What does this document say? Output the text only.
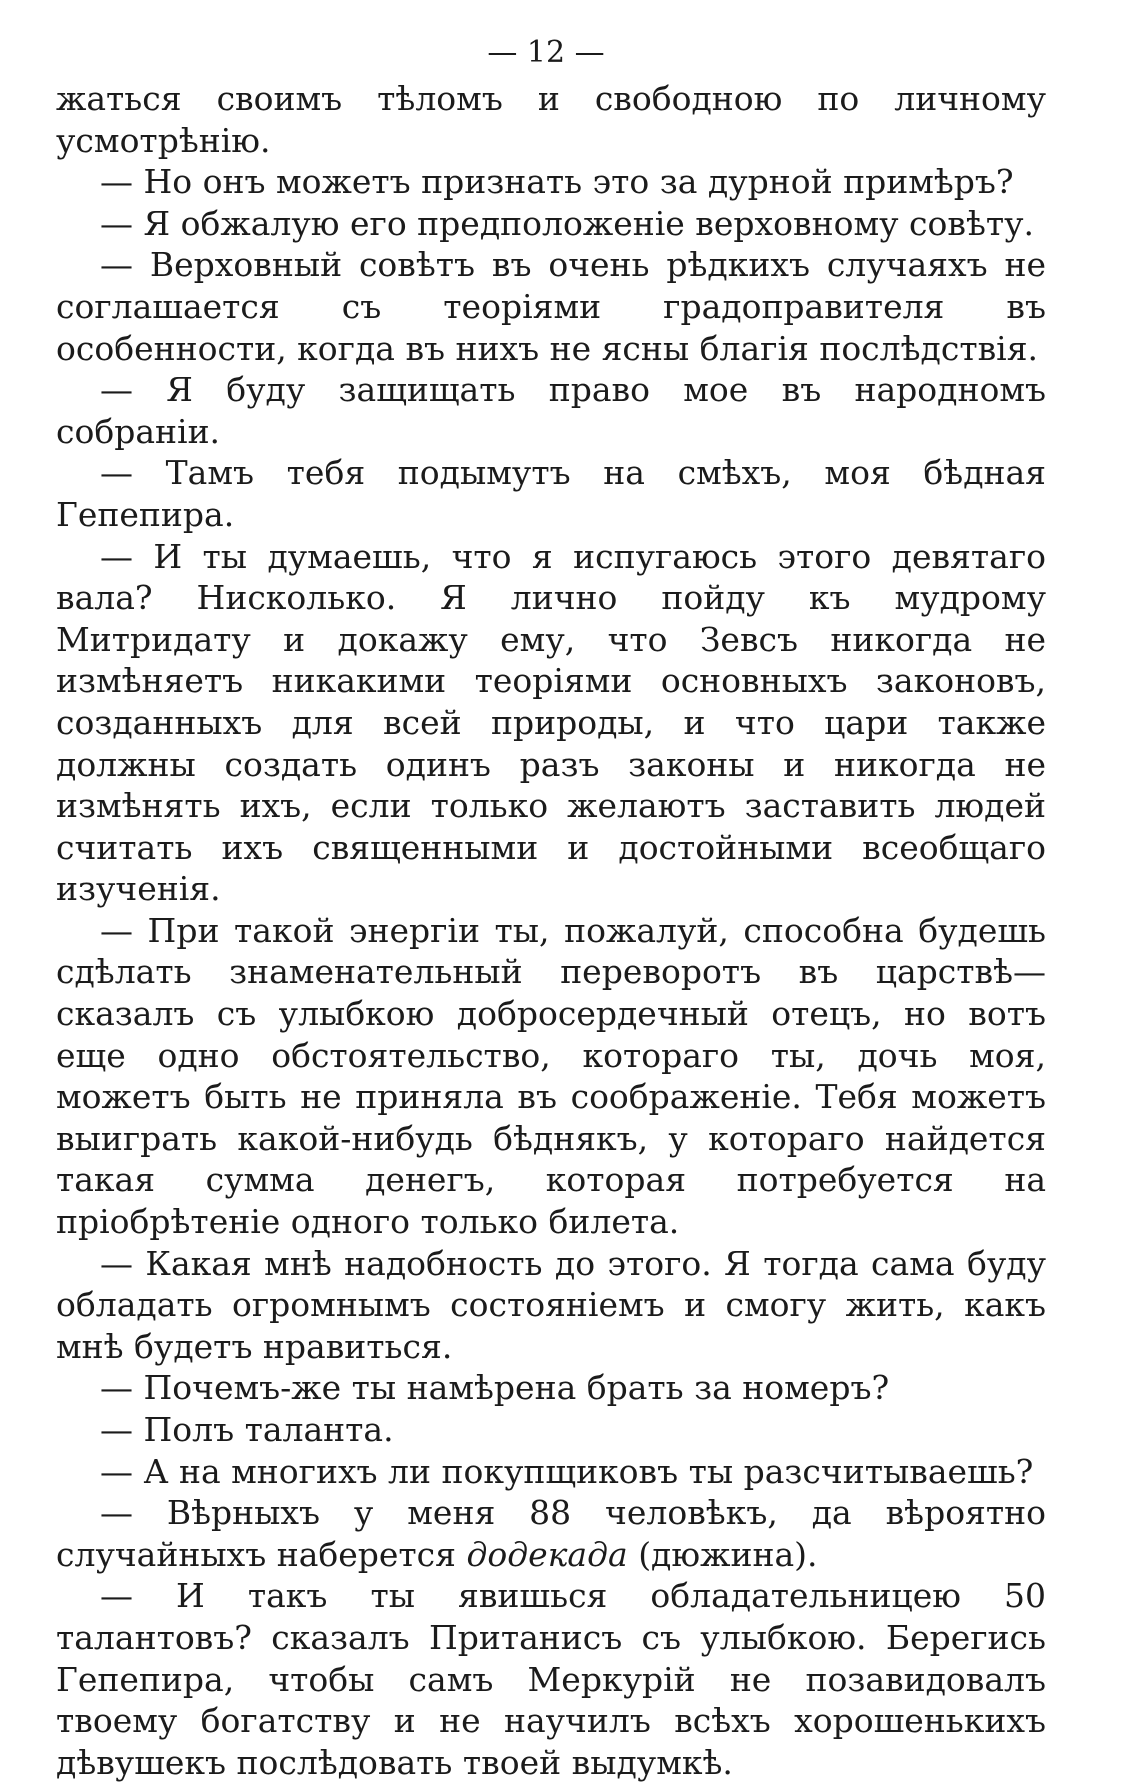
— 12 —

жаться своимъ тѣломъ и свободною по личному усмотрѣнію.

— Но онъ можетъ признать это за дурной примѣръ?

— Я обжалую его предположеніе верховному совѣту.

— Верховный совѣтъ въ очень рѣдкихъ случаяхъ не соглашается съ теоріями градоправителя въ особенности, когда въ нихъ не ясны благія послѣдствія.

— Я буду защищать право мое въ народномъ собраніи.

— Тамъ тебя подымутъ на смѣхъ, моя бѣдная Гепепира.

— И ты думаешь, что я испугаюсь этого девятаго вала? Нисколько. Я лично пойду къ мудрому Митридату и докажу ему, что Зевсъ никогда не измѣняетъ никакими теоріями основныхъ законовъ, созданныхъ для всей природы, и что цари также должны создать одинъ разъ законы и никогда не измѣнять ихъ, если только желаютъ заставить людей считать ихъ священными и достойными всеобщаго изученія.

— При такой энергіи ты, пожалуй, способна будешь сдѣлать знаменательный переворотъ въ царствѣ—сказалъ съ улыбкою добросердечный отецъ, но вотъ еще одно обстоятельство, котораго ты, дочь моя, можетъ быть не приняла въ соображеніе. Тебя можетъ выиграть какой-нибудь бѣднякъ, у котораго найдется такая сумма денегъ, которая потребуется на пріобрѣтеніе одного только билета.

— Какая мнѣ надобность до этого. Я тогда сама буду обладать огромнымъ состояніемъ и смогу жить, какъ мнѣ будетъ нравиться.

— Почемъ-же ты намѣрена брать за номеръ?

— Полъ таланта.

— А на многихъ ли покупщиковъ ты разсчитываешь?

— Вѣрныхъ у меня 88 человѣкъ, да вѣроятно случайныхъ наберется додекада (дюжина).

— И такъ ты явишься обладательницею 50 талантовъ? сказалъ Пританисъ съ улыбкою. Берегись Гепепира, чтобы самъ Меркурій не позавидовалъ твоему богатству и не научилъ всѣхъ хорошенькихъ дѣвушекъ послѣдовать твоей выдумкѣ.
